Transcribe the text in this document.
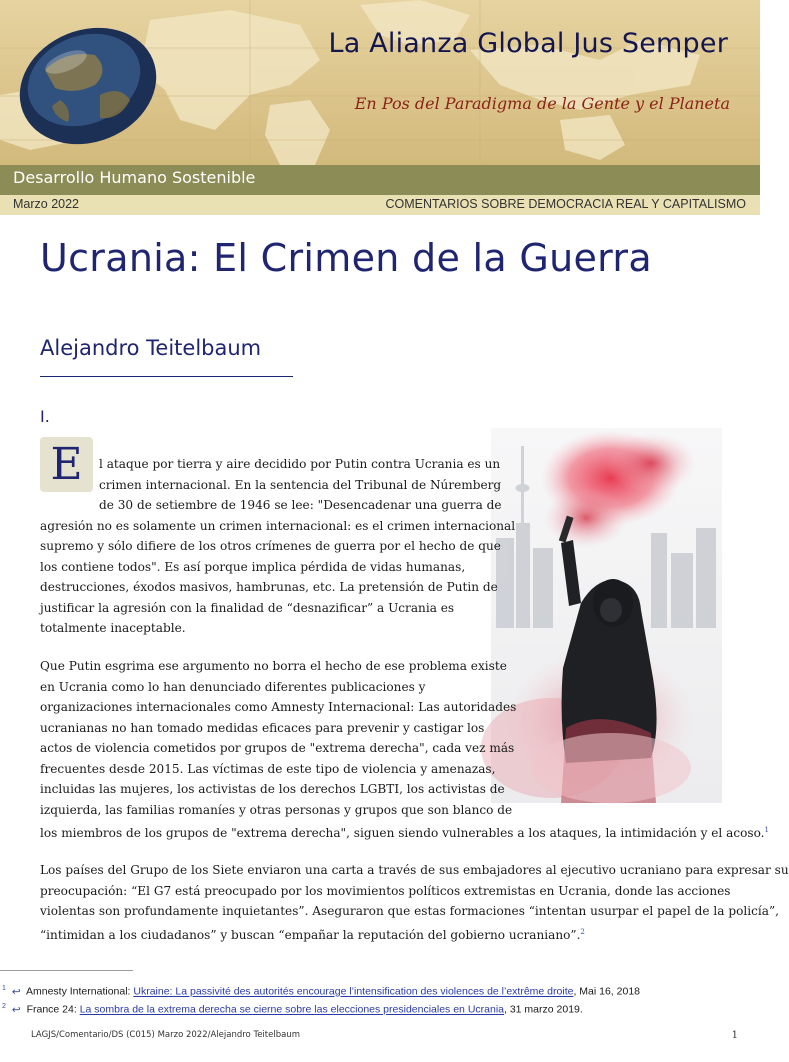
La Alianza Global Jus Semper
En Pos del Paradigma de la Gente y el Planeta
Desarrollo Humano Sostenible
Marzo 2022	COMENTARIOS SOBRE DEMOCRACIA REAL Y CAPITALISMO
Ucrania: El Crimen de la Guerra
Alejandro Teitelbaum
I.
E	l ataque por tierra y aire decidido por Putin contra Ucrania es un
crimen internacional. En la sentencia del Tribunal de Núremberg
de 30 de setiembre de 1946 se lee: "Desencadenar una guerra de
agresión no es solamente un crimen internacional: es el crimen internacional
supremo y sólo difiere de los otros crímenes de guerra por el hecho de que
los contiene todos". Es así porque implica pérdida de vidas humanas,
destrucciones, éxodos masivos, hambrunas, etc. La pretensión de Putin de
justificar la agresión con la finalidad de “desnazificar” a Ucrania es
totalmente inaceptable.
Que Putin esgrima ese argumento no borra el hecho de ese problema existe
en Ucrania como lo han denunciado diferentes publicaciones y
organizaciones internacionales como Amnesty Internacional: Las autoridades
ucranianas no han tomado medidas eficaces para prevenir y castigar los
actos de violencia cometidos por grupos de "extrema derecha", cada vez más
frecuentes desde 2015. Las víctimas de este tipo de violencia y amenazas,
incluidas las mujeres, los activistas de los derechos LGBTI, los activistas de
izquierda, las familias romaníes y otras personas y grupos que son blanco de
los miembros de los grupos de "extrema derecha", siguen siendo vulnerables a los ataques, la intimidación y el acoso.$^1$
Los países del Grupo de los Siete enviaron una carta a través de sus embajadores al ejecutivo ucraniano para expresar su
preocupación: “El G7 está preocupado por los movimientos políticos extremistas en Ucrania, donde las acciones
violentas son profundamente inquietantes”. Aseguraron que estas formaciones “intentan usurpar el papel de la policía”,
“intimidan a los ciudadanos” y buscan “empañar la reputación del gobierno ucraniano”.$^2$
$^1$ ↩ Amnesty International: Ukraine: La passivité des autorités encourage l’intensification des violences de l’extrême droite, Mai 16, 2018
$^2$ ↩ France 24: La sombra de la extrema derecha se cierne sobre las elecciones presidenciales en Ucrania, 31 marzo 2019.
LAGJS/Comentario/DS (C015) Marzo 2022/Alejandro Teitelbaum	1
